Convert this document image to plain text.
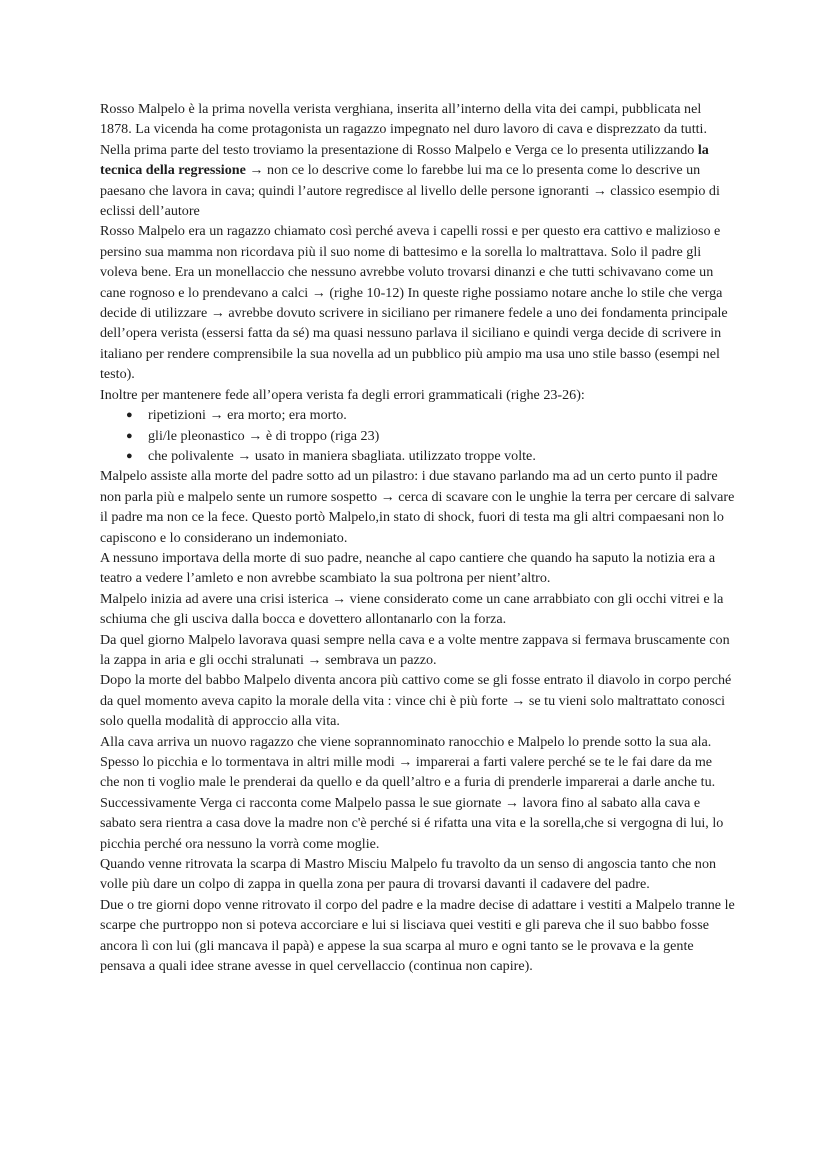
Rosso Malpelo è la prima novella verista verghiana, inserita all’interno della vita dei campi, pubblicata nel 1878. La vicenda ha come protagonista un ragazzo impegnato nel duro lavoro di cava e disprezzato da tutti.

Nella prima parte del testo troviamo la presentazione di Rosso Malpelo e Verga ce lo presenta utilizzando la tecnica della regressione → non ce lo descrive come lo farebbe lui ma ce lo presenta come lo descrive un paesano che lavora in cava; quindi l’autore regredisce al livello delle persone ignoranti → classico esempio di eclissi dell’autore

Rosso Malpelo era un ragazzo chiamato così perché aveva i capelli rossi e per questo era cattivo e malizioso e persino sua mamma non ricordava più il suo nome di battesimo e la sorella lo maltrattava. Solo il padre gli voleva bene. Era un monellaccio che nessuno avrebbe voluto trovarsi dinanzi e che tutti schivavano come un cane rognoso e lo prendevano a calci → (righe 10-12) In queste righe possiamo notare anche lo stile che verga decide di utilizzare → avrebbe dovuto scrivere in siciliano per rimanere fedele a uno dei fondamenta principale dell’opera verista (essersi fatta da sé) ma quasi nessuno parlava il siciliano e quindi verga decide di scrivere in italiano per rendere comprensibile la sua novella ad un pubblico più ampio ma usa uno stile basso (esempi nel testo).

Inoltre per mantenere fede all’opera verista fa degli errori grammaticali (righe 23-26):

● ripetizioni → era morto; era morto.
● gli/le pleonastico → è di troppo (riga 23)
● che polivalente → usato in maniera sbagliata. utilizzato troppe volte.

Malpelo assiste alla morte del padre sotto ad un pilastro: i due stavano parlando ma ad un certo punto il padre non parla più e malpelo sente un rumore sospetto → cerca di scavare con le unghie la terra per cercare di salvare il padre ma non ce la fece. Questo portò Malpelo,in stato di shock, fuori di testa ma gli altri compaesani non lo capiscono e lo considerano un indemoniato.

A nessuno importava della morte di suo padre, neanche al capo cantiere che quando ha saputo la notizia era a teatro a vedere l’amleto e non avrebbe scambiato la sua poltrona per nient’altro.

Malpelo inizia ad avere una crisi isterica → viene considerato come un cane arrabbiato con gli occhi vitrei e la schiuma che gli usciva dalla bocca e dovettero allontanarlo con la forza.

Da quel giorno Malpelo lavorava quasi sempre nella cava e a volte mentre zappava si fermava bruscamente con la zappa in aria e gli occhi stralunati → sembrava un pazzo.

Dopo la morte del babbo Malpelo diventa ancora più cattivo come se gli fosse entrato il diavolo in corpo perché da quel momento aveva capito la morale della vita : vince chi è più forte → se tu vieni solo maltrattato conosci solo quella modalità di approccio alla vita.

Alla cava arriva un nuovo ragazzo che viene soprannominato ranocchio e Malpelo lo prende sotto la sua ala. Spesso lo picchia e lo tormentava in altri mille modi → imparerai a farti valere perché se te le fai dare da me che non ti voglio male le prenderai da quello e da quell’altro e a furia di prenderle imparerai a darle anche tu.

Successivamente Verga ci racconta come Malpelo passa le sue giornate → lavora fino al sabato alla cava e sabato sera rientra a casa dove la madre non c'è perché si é rifatta una vita e la sorella,che si vergogna di lui, lo picchia perché ora nessuno la vorrà come moglie.

Quando venne ritrovata la scarpa di Mastro Misciu Malpelo fu travolto da un senso di angoscia tanto che non volle più dare un colpo di zappa in quella zona per paura di trovarsi davanti il cadavere del padre.

Due o tre giorni dopo venne ritrovato il corpo del padre e la madre decise di adattare i vestiti a Malpelo tranne le scarpe che purtroppo non si poteva accorciare e lui si lisciava quei vestiti e gli pareva che il suo babbo fosse ancora lì con lui (gli mancava il papà) e appese la sua scarpa al muro e ogni tanto se le provava e la gente pensava a quali idee strane avesse in quel cervellaccio (continua non capire).
